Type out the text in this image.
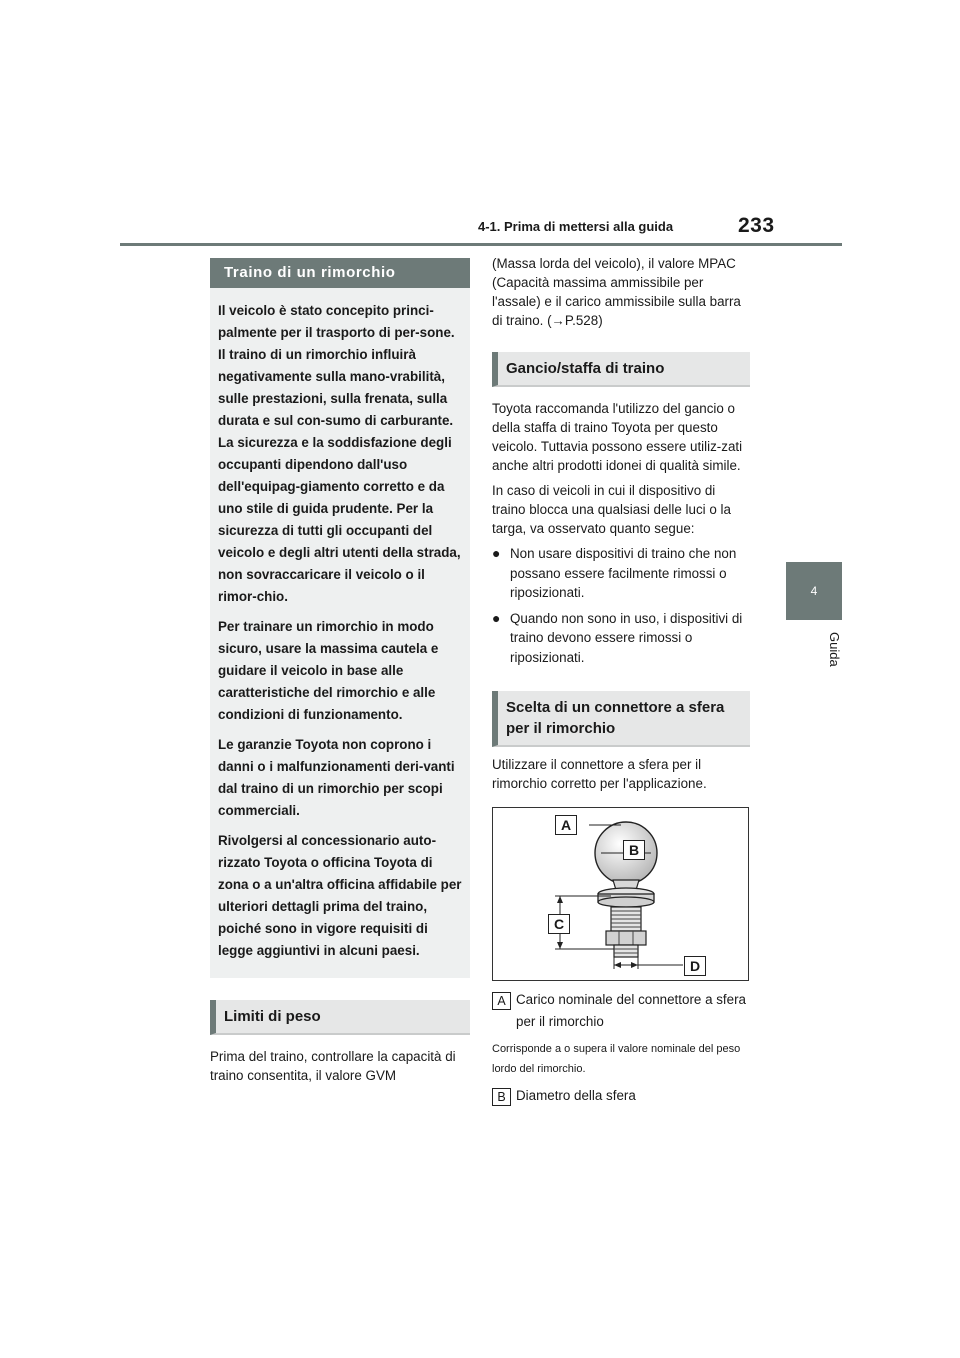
4-1. Prima di mettersi alla guida	233
4
Guida
Traino di un rimorchio

Il veicolo è stato concepito princi-palmente per il trasporto di per-sone. Il traino di un rimorchio influirà negativamente sulla mano-vrabilità, sulle prestazioni, sulla frenata, sulla durata e sul con-sumo di carburante. La sicurezza e la soddisfazione degli occupanti dipendono dall'uso dell'equipag-giamento corretto e da uno stile di guida prudente. Per la sicurezza di tutti gli occupanti del veicolo e degli altri utenti della strada, non sovraccaricare il veicolo o il rimor-chio.

Per trainare un rimorchio in modo sicuro, usare la massima cautela e guidare il veicolo in base alle caratteristiche del rimorchio e alle condizioni di funzionamento.

Le garanzie Toyota non coprono i danni o i malfunzionamenti deri-vanti dal traino di un rimorchio per scopi commerciali.

Rivolgersi al concessionario auto-rizzato Toyota o officina Toyota di zona o a un'altra officina affidabile per ulteriori dettagli prima del traino, poiché sono in vigore requisiti di legge aggiuntivi in alcuni paesi.

Limiti di peso

Prima del traino, controllare la capacità di traino consentita, il valore GVM

(Massa lorda del veicolo), il valore MPAC (Capacità massima ammissibile per l'assale) e il carico ammissibile sulla barra di traino. (→P.528)

Gancio/staffa di traino

Toyota raccomanda l'utilizzo del gancio o della staffa di traino Toyota per questo veicolo. Tuttavia possono essere utiliz-zati anche altri prodotti idonei di qualità simile.

In caso di veicoli in cui il dispositivo di traino blocca una qualsiasi delle luci o la targa, va osservato quanto segue:

● Non usare dispositivi di traino che non possano essere facilmente rimossi o riposizionati.
● Quando non sono in uso, i dispositivi di traino devono essere rimossi o riposizionati.
Scelta di un connettore a sfera per il rimorchio

Utilizzare il connettore a sfera per il rimorchio corretto per l'applicazione.

A
B
C
D
A Carico nominale del connettore a sfera per il rimorchio

Corrisponde a o supera il valore nominale del peso lordo del rimorchio.

B Diametro della sfera
